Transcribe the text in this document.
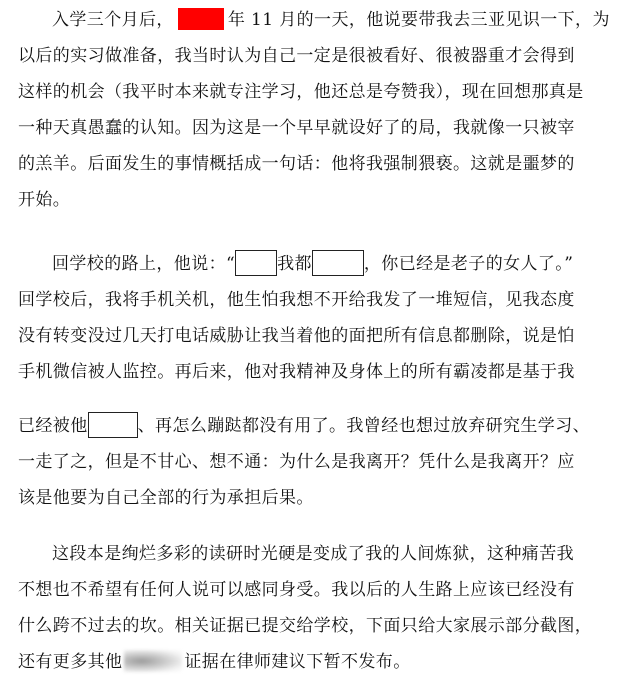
入学三个月后，	年 11 月的一天，他说要带我去三亚见识一下，为
以后的实习做准备，我当时认为自己一定是很被看好、很被器重才会得到
这样的机会（我平时本来就专注学习，他还总是夸赞我），现在回想那真是
一种天真愚蠢的认知。因为这是一个早早就设好了的局，我就像一只被宰
的羔羊。后面发生的事情概括成一句话：他将我强制猥亵。这就是噩梦的
开始。
回学校的路上，他说：“ 我都	，你已经是老子的女人了。”
回学校后，我将手机关机，他生怕我想不开给我发了一堆短信，见我态度
没有转变没过几天打电话威胁让我当着他的面把所有信息都删除，说是怕
手机微信被人监控。再后来，他对我精神及身体上的所有霸凌都是基于我
已经被他	、再怎么蹦跶都没有用了。我曾经也想过放弃研究生学习、
一走了之，但是不甘心、想不通：为什么是我离开？凭什么是我离开？应
该是他要为自己全部的行为承担后果。
这段本是绚烂多彩的读研时光硬是变成了我的人间炼狱，这种痛苦我
不想也不希望有任何人说可以感同身受。我以后的人生路上应该已经没有
什么跨不过去的坎。相关证据已提交给学校，下面只给大家展示部分截图，
还有更多其他	证据在律师建议下暂不发布。
